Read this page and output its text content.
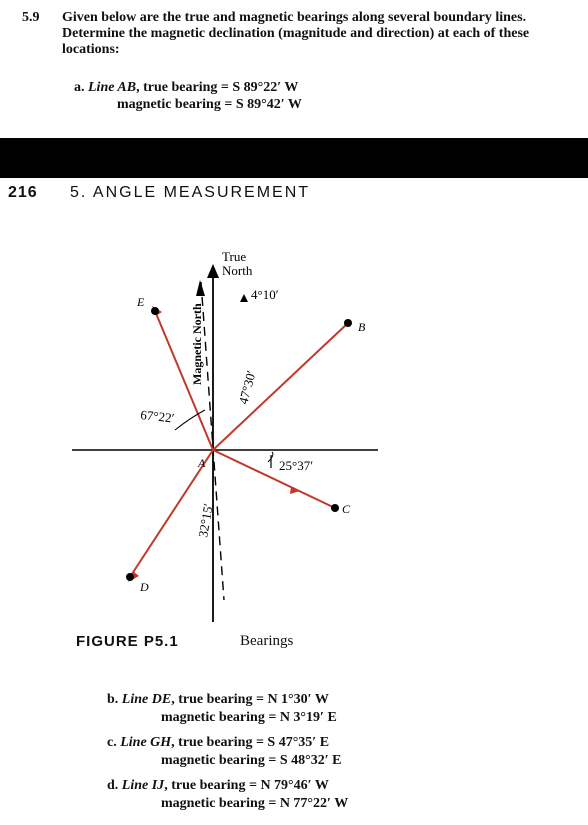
5.9 Given below are the true and magnetic bearings along several boundary lines. Determine the magnetic declination (magnitude and direction) at each of these locations:
a. Line AB, true bearing = S 89°22′ W
magnetic bearing = S 89°42′ W
216 5. ANGLE MEASUREMENT
True
North
4°10′
Magnetic North
47°30′
67°22′
25°37′
32°15′
A
B
C
D
E
FIGURE P5.1	Bearings
b. Line DE, true bearing = N 1°30′ W
magnetic bearing = N 3°19′ E
c. Line GH, true bearing = S 47°35′ E
magnetic bearing = S 48°32′ E
d. Line IJ, true bearing = N 79°46′ W
magnetic bearing = N 77°22′ W
